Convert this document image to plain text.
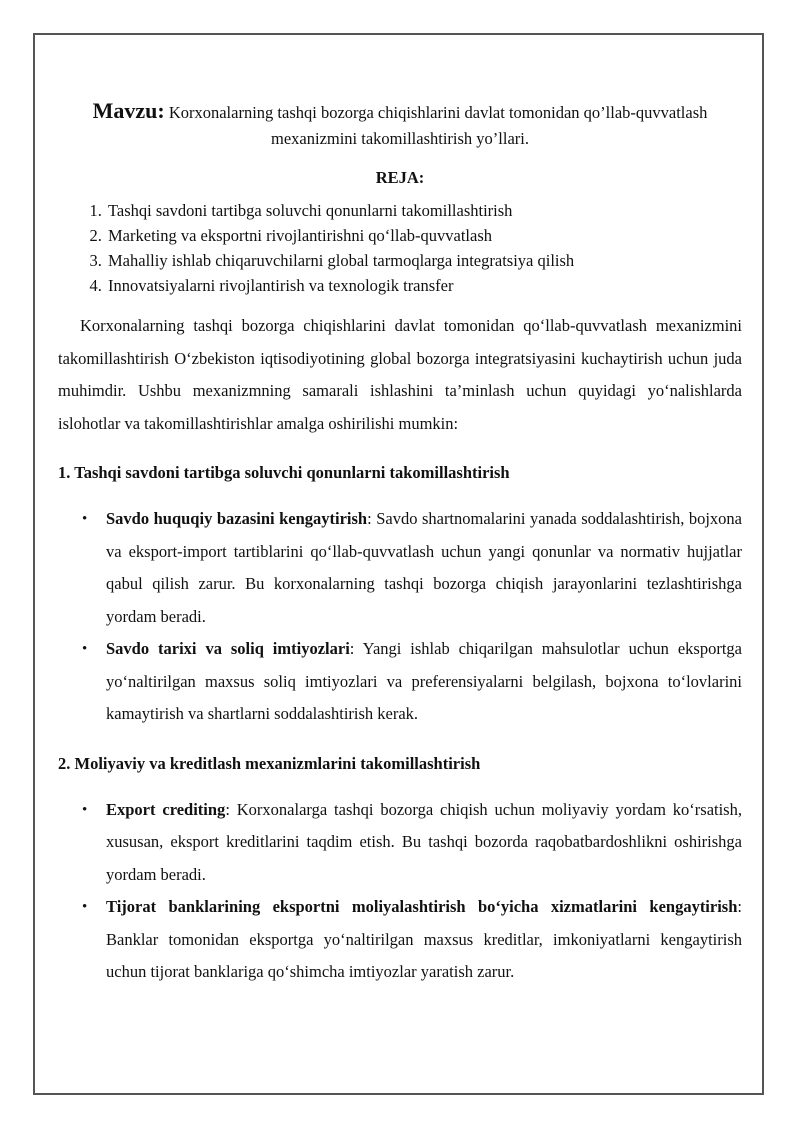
Mavzu: Korxonalarning tashqi bozorga chiqishlarini davlat tomonidan qo’llab-quvvatlash mexanizmini takomillashtirish yo’llari.

REJA:
1. Tashqi savdoni tartibga soluvchi qonunlarni takomillashtirish
2. Marketing va eksportni rivojlantirishni qo‘llab-quvvatlash
3. Mahalliy ishlab chiqaruvchilarni global tarmoqlarga integratsiya qilish
4. Innovatsiyalarni rivojlantirish va texnologik transfer

Korxonalarning tashqi bozorga chiqishlarini davlat tomonidan qo‘llab-quvvatlash mexanizmini takomillashtirish O‘zbekiston iqtisodiyotining global bozorga integratsiyasini kuchaytirish uchun juda muhimdir. Ushbu mexanizmning samarali ishlashini ta’minlash uchun quyidagi yo‘nalishlarda islohotlar va takomillashtirishlar amalga oshirilishi mumkin:

1. Tashqi savdoni tartibga soluvchi qonunlarni takomillashtirish
• Savdo huquqiy bazasini kengaytirish: Savdo shartnomalarini yanada soddalashtirish, bojxona va eksport-import tartiblarini qo‘llab-quvvatlash uchun yangi qonunlar va normativ hujjatlar qabul qilish zarur. Bu korxonalarning tashqi bozorga chiqish jarayonlarini tezlashtirishga yordam beradi.
• Savdo tarixi va soliq imtiyozlari: Yangi ishlab chiqarilgan mahsulotlar uchun eksportga yo‘naltirilgan maxsus soliq imtiyozlari va preferensiyalarni belgilash, bojxona to‘lovlarini kamaytirish va shartlarni soddalashtirish kerak.
2. Moliyaviy va kreditlash mexanizmlarini takomillashtirish
• Export crediting: Korxonalarga tashqi bozorga chiqish uchun moliyaviy yordam ko‘rsatish, xususan, eksport kreditlarini taqdim etish. Bu tashqi bozorda raqobatbardoshlikni oshirishga yordam beradi.
• Tijorat banklarining eksportni moliyalashtirish bo‘yicha xizmatlarini kengaytirish: Banklar tomonidan eksportga yo‘naltirilgan maxsus kreditlar, imkoniyatlarni kengaytirish uchun tijorat banklariga qo‘shimcha imtiyozlar yaratish zarur.
